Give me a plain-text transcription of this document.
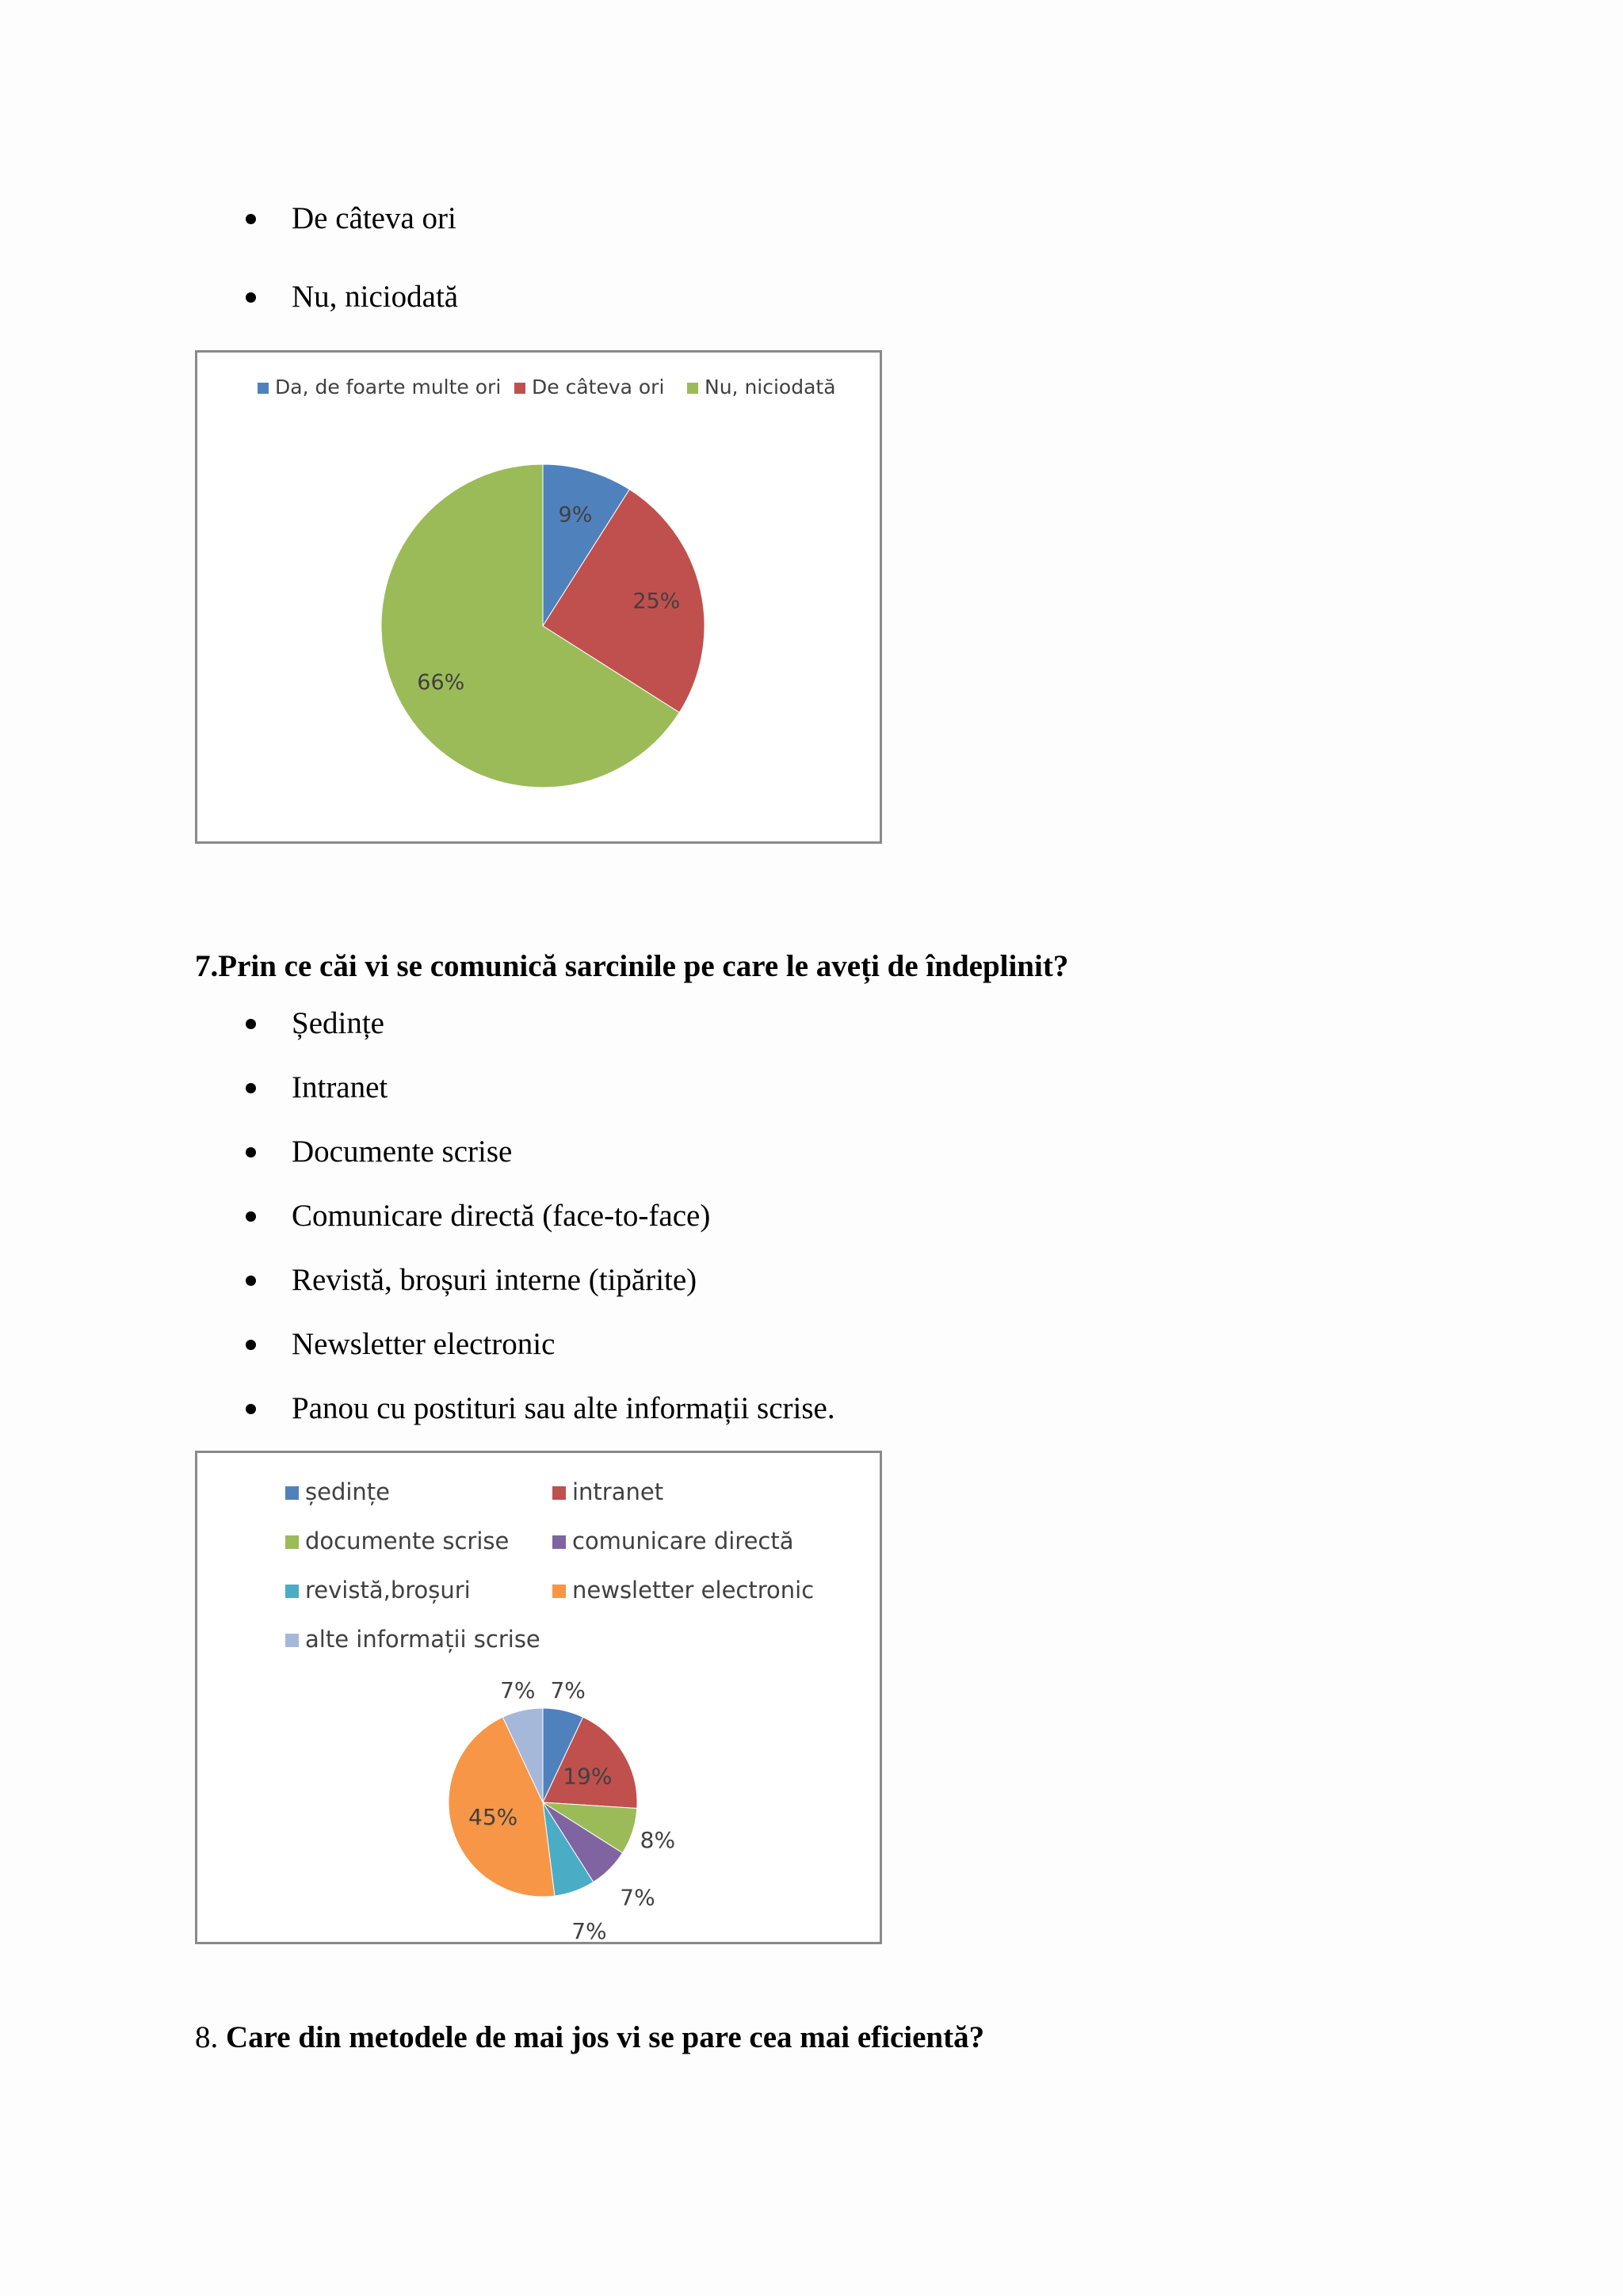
De câteva ori
Nu, niciodată
Da, de foarte multe ori De câteva ori Nu, niciodată
9%
25%
66%
7.Prin ce căi vi se comunică sarcinile pe care le aveți de îndeplinit?
Ședințe
Intranet
Documente scrise
Comunicare directă (face-to-face)
Revistă, broșuri interne (tipărite)
Newsletter electronic
Panou cu postituri sau alte informații scrise.
ședințe	intranet
documente scrise	comunicare directă
revistă,broșuri	newsletter electronic
alte informații scrise
7%
19%
8%
7%
7%
45%
7%
8. Care din metodele de mai jos vi se pare cea mai eficientă?
